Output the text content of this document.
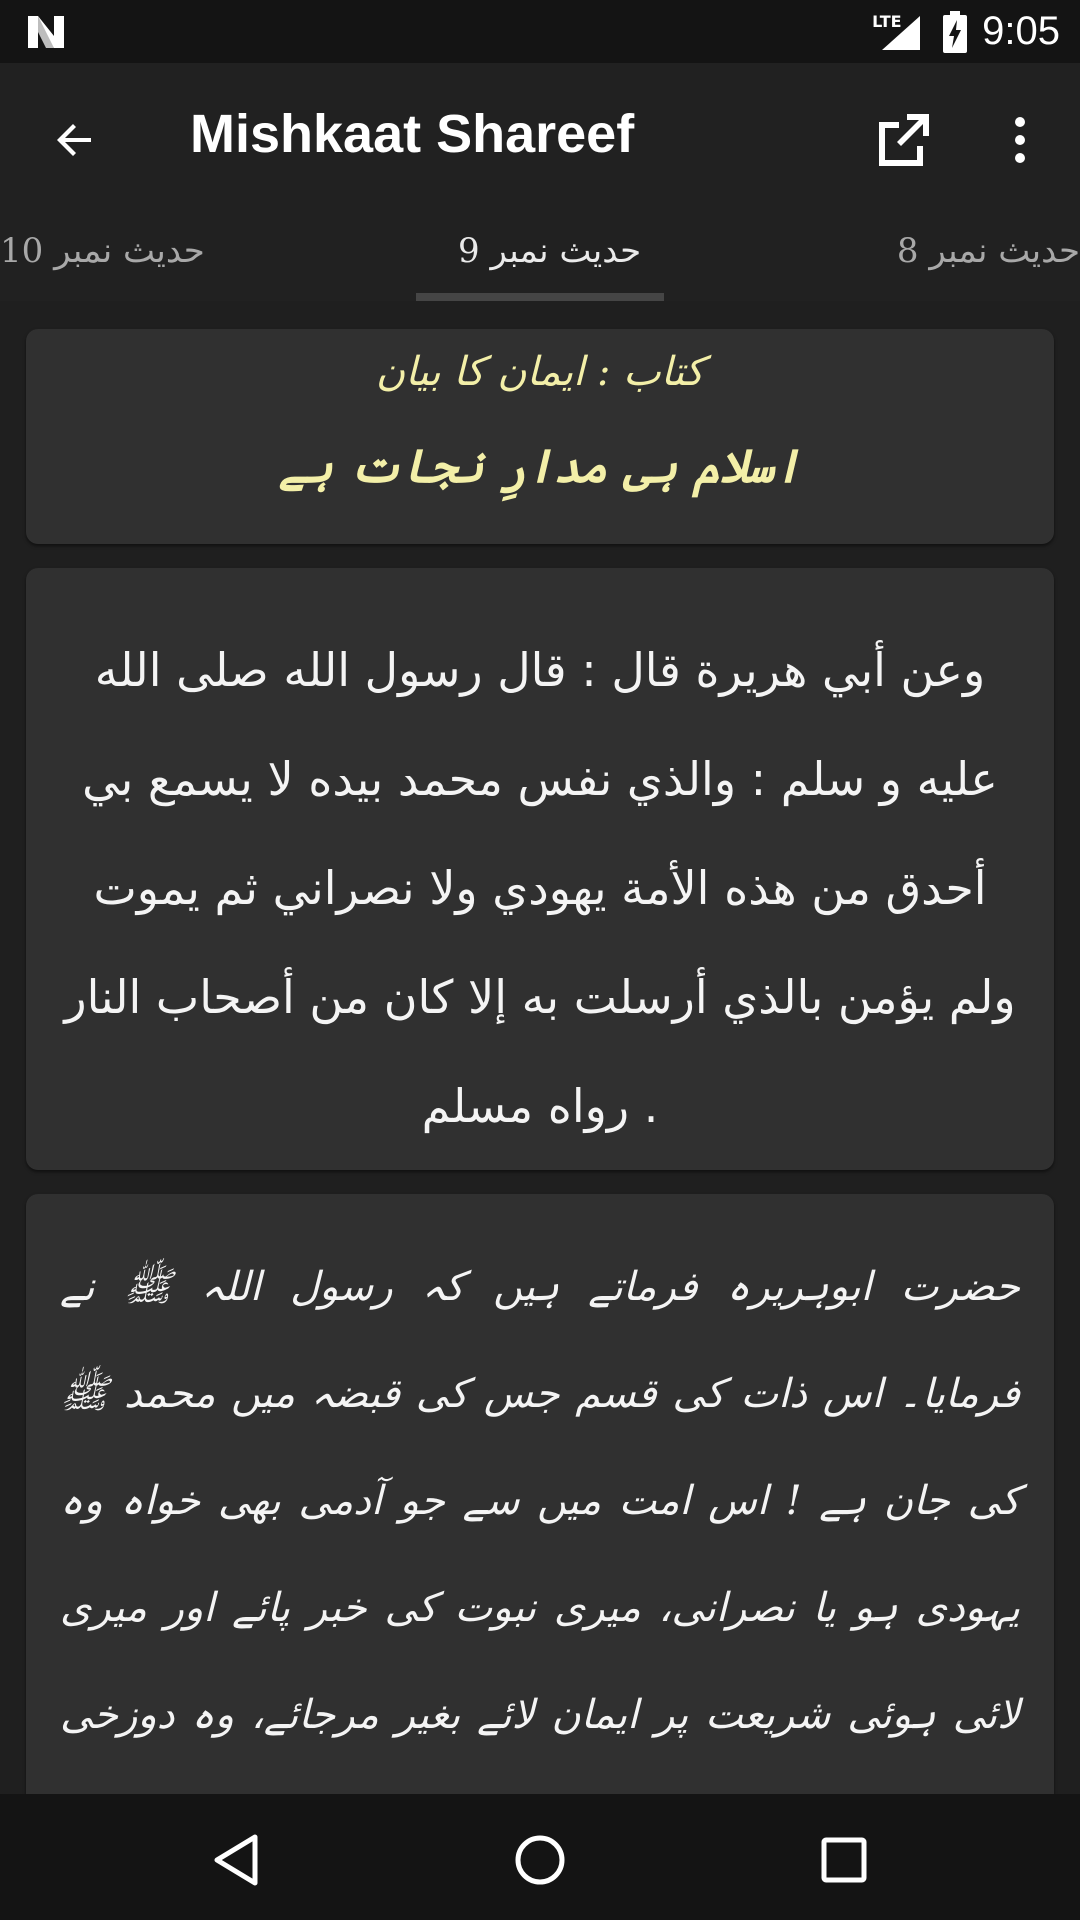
LTE 9:05
Mishkaat Shareef
حدیث نمبر 10	حدیث نمبر 9	حدیث نمبر 8
کتاب : ایمان کا بیان
اسلام ہی مدارِ نجات ہے
وعن أبي هريرة قال : قال رسول الله صلى الله عليه و سلم : والذي نفس محمد بيده لا يسمع بي أحدق من هذه الأمة يهودي ولا نصراني ثم يموت ولم يؤمن بالذي أرسلت به إلا كان من أصحاب النار . رواه مسلم
حضرت ابوہریرہ فرماتے ہیں کہ رسول اللہ ﷺ نے فرمایا۔ اس ذات کی قسم جس کی قبضہ میں محمد ﷺ کی جان ہے ! اس امت میں سے جو آدمی بھی خواہ وہ یہودی ہو یا نصرانی، میری نبوت کی خبر پائے اور میری لائی ہوئی شریعت پر ایمان لائے بغیر مرجائے، وہ دوزخی
